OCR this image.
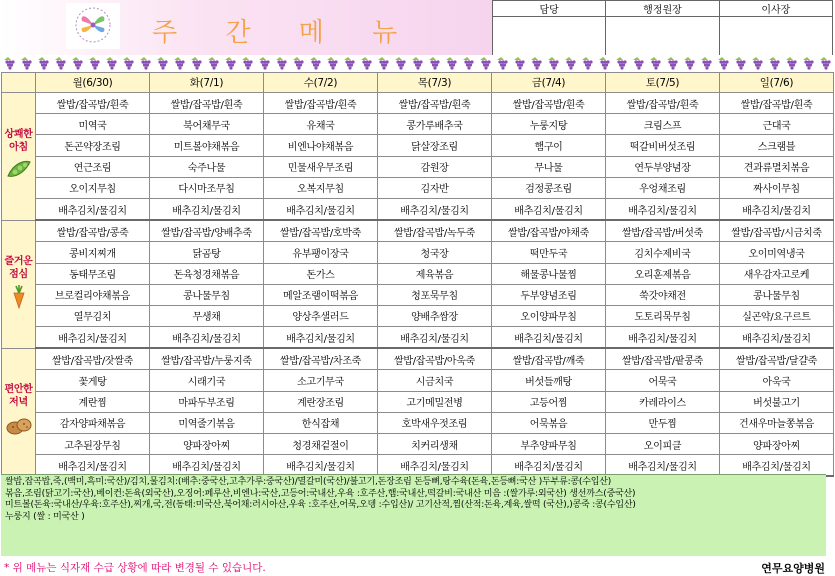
주 간 메 뉴
담당	행정원장	이사장

	월(6/30)	화(7/1)	수(7/2)	목(7/3)	금(7/4)	토(7/5)	일(7/6)

상쾌한
아침	쌀밥/잡곡밥/흰죽	쌀밥/잡곡밥/흰죽	쌀밥/잡곡밥/흰죽	쌀밥/잡곡밥/흰죽	쌀밥/잡곡밥/흰죽	쌀밥/잡곡밥/흰죽	쌀밥/잡곡밥/흰죽
	미역국	북어채무국	유채국	콩가루배추국	누룽지탕	크림스프	근대국
	돈곤약장조림	미트볼야채볶음	비엔나야채볶음	닭살장조림	햄구이	떡갈비버섯조림	스크램블
	연근조림	숙주나물	민물새우무조림	감원장	무나물	연두부양념장	견과류멸치볶음
	오이지무침	다시마조무침	오복지무침	김자반	검정콩조림	우엉채조림	짜사이무침
	배추김치/물김치	배추김치/물김치	배추김치/물김치	배추김치/물김치	배추김치/물김치	배추김치/물김치	배추김치/물김치

즐거운
점심	쌀밥/잡곡밥/콩죽	쌀밥/잡곡밥/양배추죽	쌀밥/잡곡밥/호박죽	쌀밥/잡곡밥/녹두죽	쌀밥/잡곡밥/야채죽	쌀밥/잡곡밥/버섯죽	쌀밥/잡곡밥/시금치죽
	콩비지찌개	닭곰탕	유부팽이장국	청국장	떡만두국	김치수제비국	오이미역냉국
	동태무조림	돈육청경채볶음	돈가스	제육볶음	해물콩나물찜	오리훈제볶음	새우감자고로케
	브로컬리야채볶음	콩나물무침	메알조램이떡볶음	청포묵무침	두부양념조림	쑥갓야채전	콩나물무침
	열무김치	무생채	양상추샐러드	양배추쌈장	오이양파무침	도토리묵무침	실곤약/요구르트
	배추김치/물김치	배추김치/물김치	배추김치/물김치	배추김치/물김치	배추김치/물김치	배추김치/물김치	배추김치/물김치

편안한
저녁	쌀밥/잡곡밥/잣쌀죽	쌀밥/잡곡밥/누룽지죽	쌀밥/잡곡밥/차조죽	쌀밥/잡곡밥/아욱죽	쌀밥/잡곡밥/깨죽	쌀밥/잡곡밥/팥콩죽	쌀밥/잡곡밥/달걀죽
	꽃게탕	시래기국	소고기무국	시금치국	버섯들깨탕	어묵국	아욱국
	계란찜	마파두부조림	계란장조림	고기메밀전병	고등어찜	카레라이스	버섯불고기
	감자양파채볶음	미역줄기볶음	한식잡채	호박새우젓조림	어묵볶음	만두찜	건새우마늘쫑볶음
	고추된장무침	양파장아찌	청경채겉절이	치커리생채	부추양파무침	오이피클	양파장아찌
	배추김치/물김치	배추김치/물김치	배추김치/물김치	배추김치/물김치	배추김치/물김치	배추김치/물김치	배추김치/물김치
쌀밥,잡곡밥,죽,(백미,흑미:국산)/김치,물김치:(배추:중국산,고추가루:중국산)/멸갈미(국산)/불고기,돈장조림 돈등뼈,탕수육(돈육,돈등뼈:국산 )두부류:콩(수입산)
볶음,조림(닭고기:국산),베이컨:돈육(외국산),오징어:페루산,비엔나:국산,고등어:국내산,우육 :호주산,햄:국내산,떡갈비:국내산 미음 :(쌀가루:외국산) 생선까스(중국산)
미트볼(돈육:국내산/우육:호주산),찌개,국,전(동태:미국산,북어채:러시아산,우육 :호주산,어묵,오뎅 :수입산)/ 고기산적,찜(산적:돈육,계육,쌀떡 (국산),)콩죽 :콩(수입산)
누룽지 (쌀 : 미국산 )
* 위 메뉴는 식자재 수급 상황에 따라 변경될 수 있습니다.	연무요양병원
